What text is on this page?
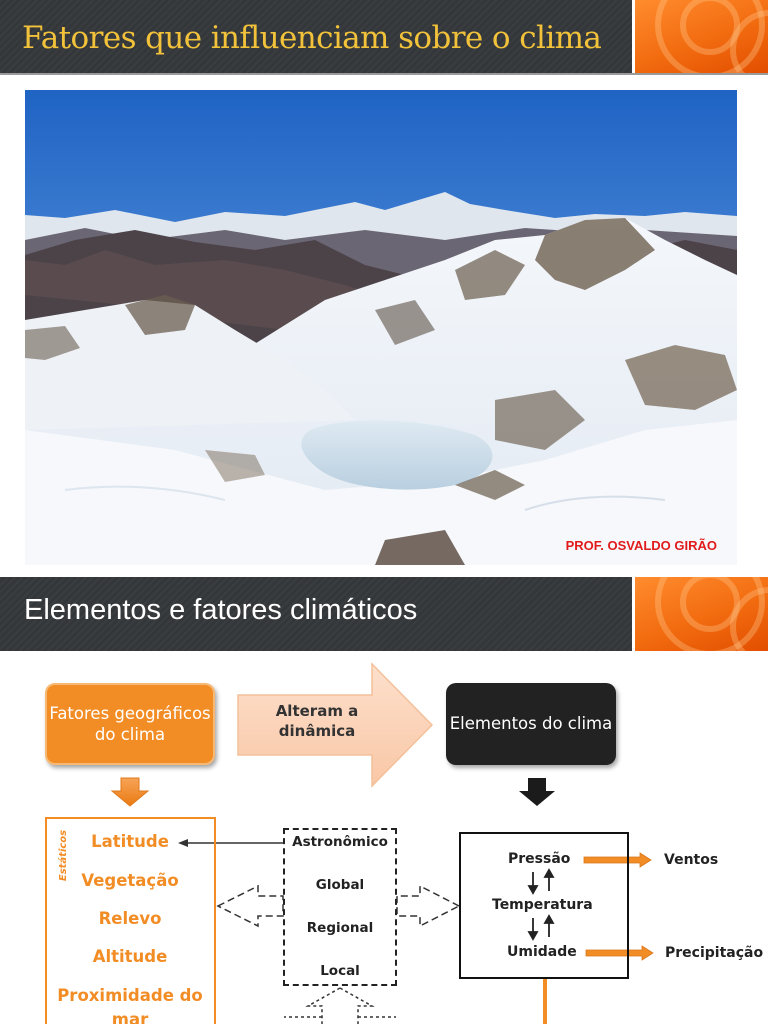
Fatores que influenciam sobre o clima
PROF. OSVALDO GIRÃO
Elementos e fatores climáticos
Fatores geográficos do clima
Alteram a dinâmica	Elementos do clima
Estáticos	Latitude
Vegetação
Relevo
Altitude
Proximidade do
mar
Astronômico
Global
Regional
Local
Pressão
Temperatura
Umidade
Ventos
Precipitação
